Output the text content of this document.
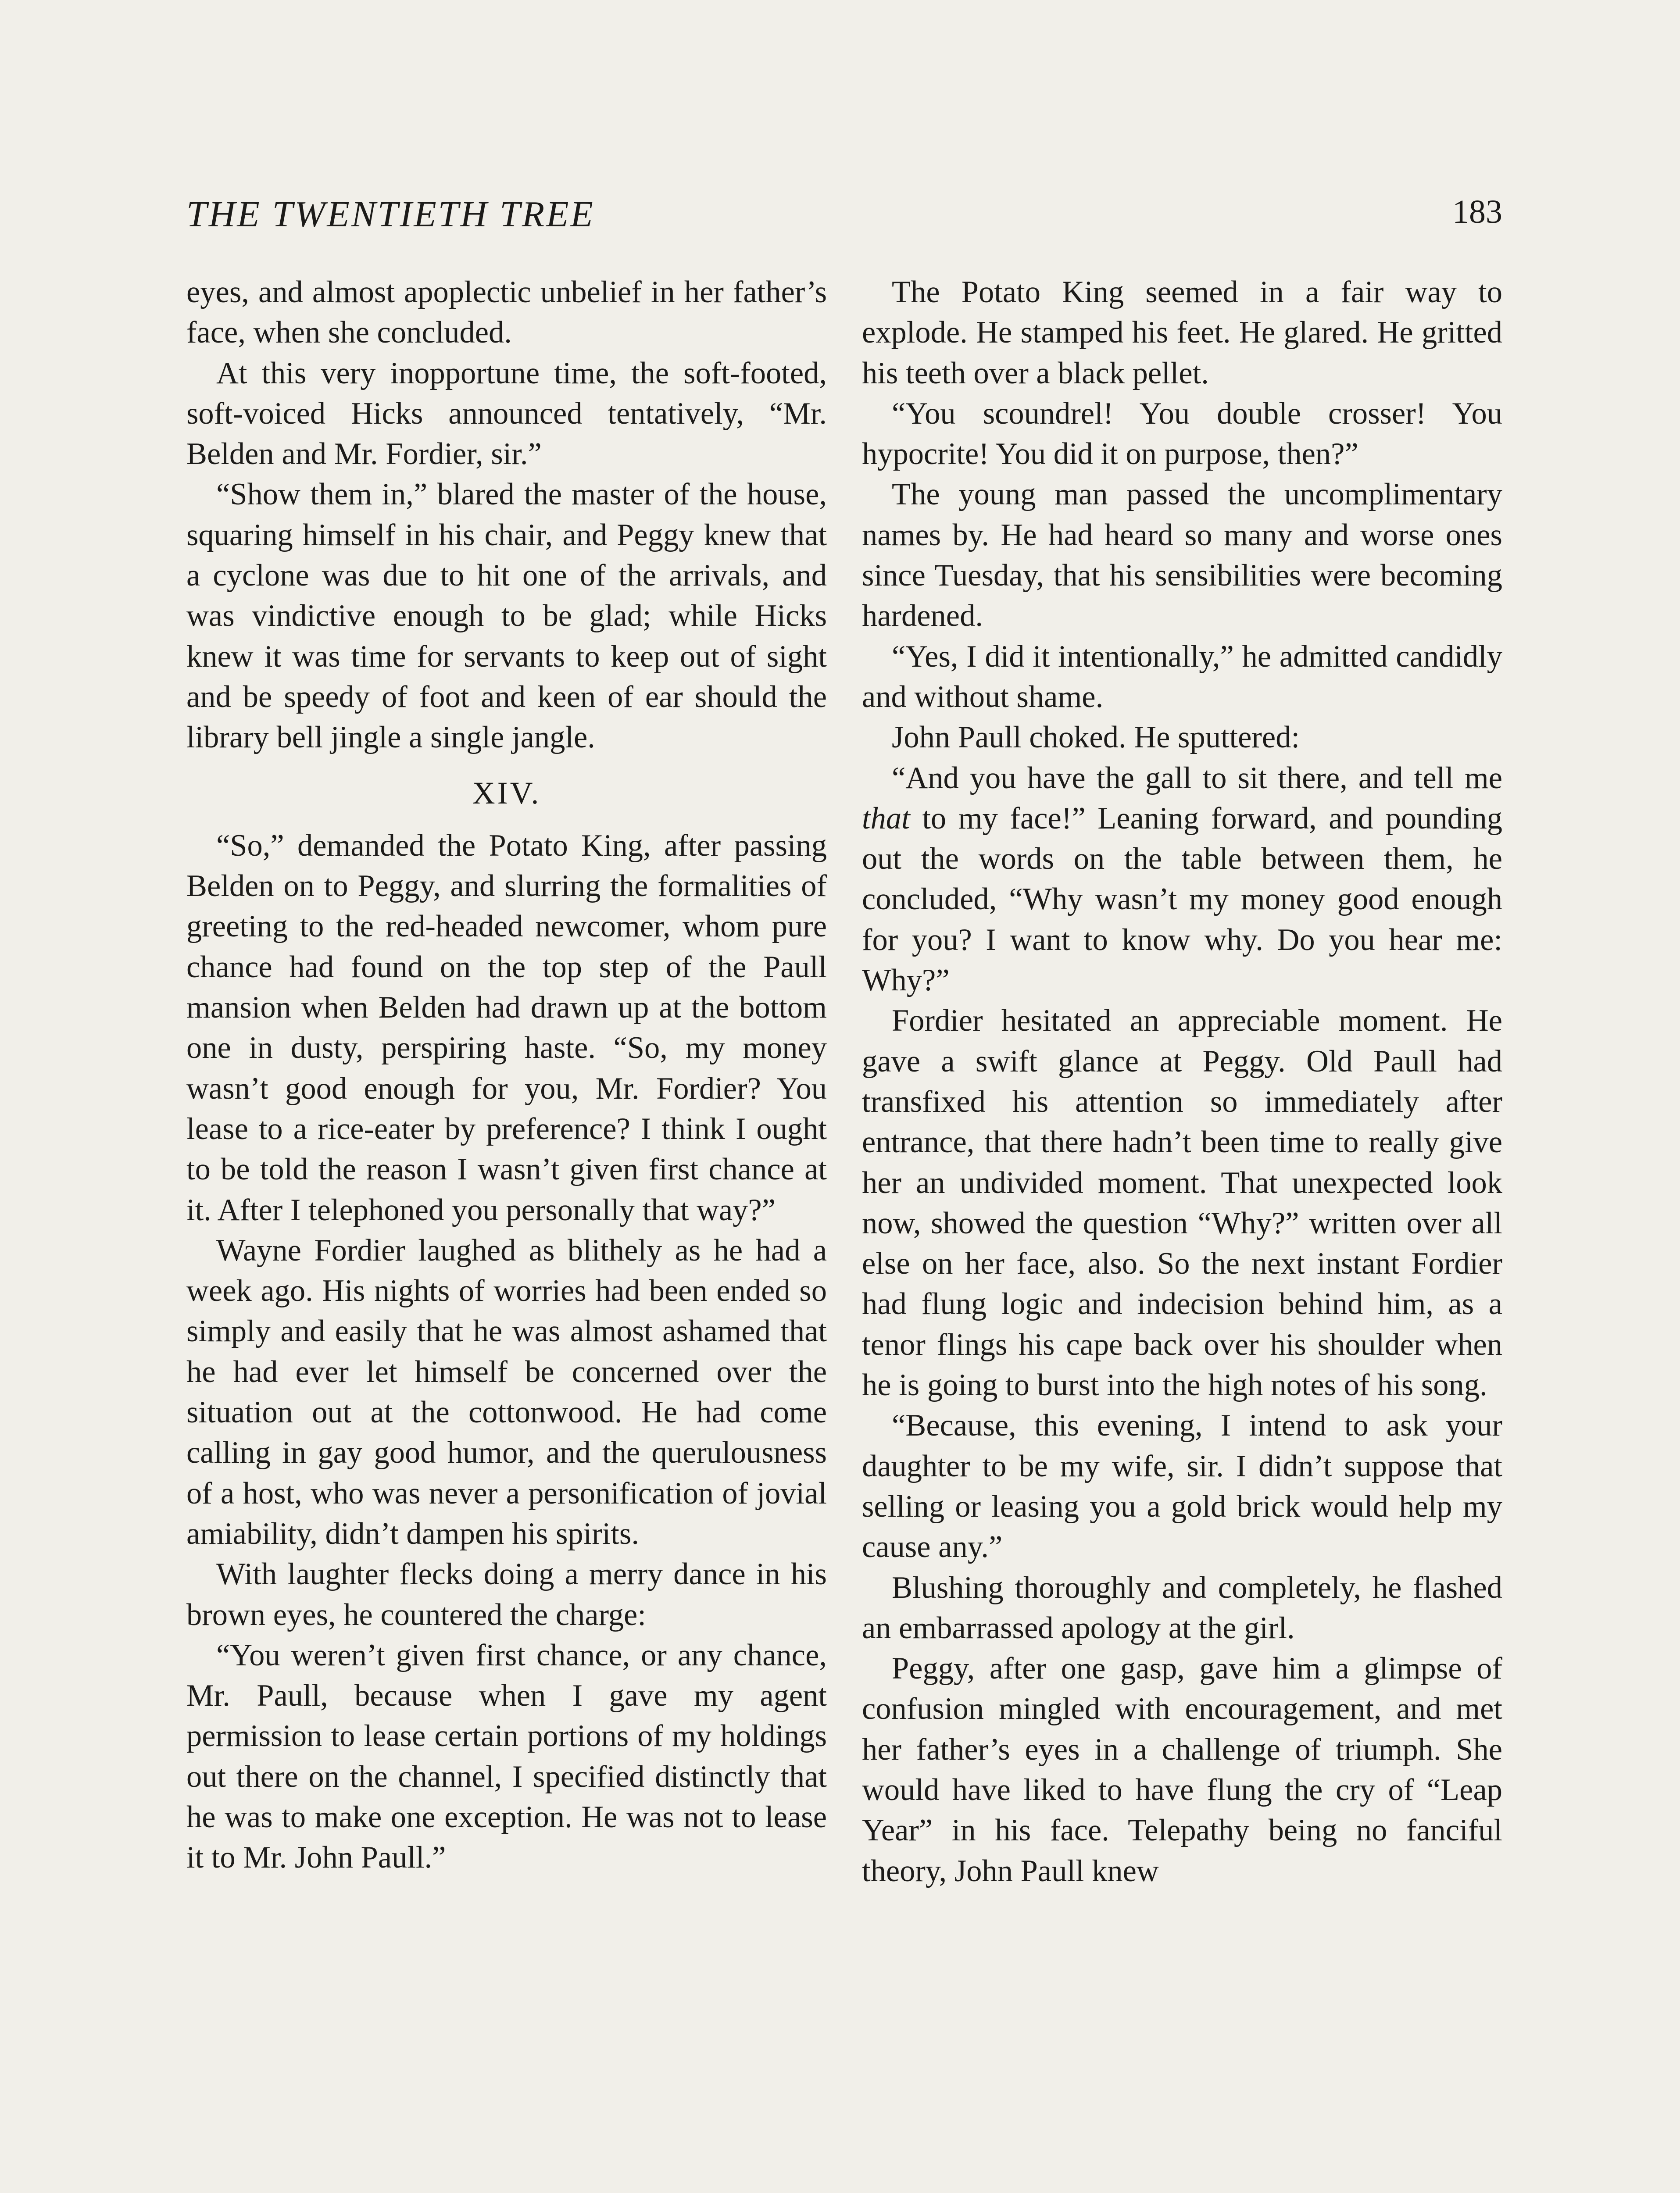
THE TWENTIETH TREE	183

eyes, and almost apoplectic unbelief in her father’s face, when she concluded.

At this very inopportune time, the soft-footed, soft-voiced Hicks announced tentatively, “Mr. Belden and Mr. Fordier, sir.”

“Show them in,” blared the master of the house, squaring himself in his chair, and Peggy knew that a cyclone was due to hit one of the arrivals, and was vindictive enough to be glad; while Hicks knew it was time for servants to keep out of sight and be speedy of foot and keen of ear should the library bell jingle a single jangle.

XIV.

“So,” demanded the Potato King, after passing Belden on to Peggy, and slurring the formalities of greeting to the red-headed newcomer, whom pure chance had found on the top step of the Paull mansion when Belden had drawn up at the bottom one in dusty, perspiring haste. “So, my money wasn’t good enough for you, Mr. Fordier? You lease to a rice-eater by preference? I think I ought to be told the reason I wasn’t given first chance at it. After I telephoned you personally that way?”

Wayne Fordier laughed as blithely as he had a week ago. His nights of worries had been ended so simply and easily that he was almost ashamed that he had ever let himself be concerned over the situation out at the cottonwood. He had come calling in gay good humor, and the querulousness of a host, who was never a personification of jovial amiability, didn’t dampen his spirits.

With laughter flecks doing a merry dance in his brown eyes, he countered the charge:

“You weren’t given first chance, or any chance, Mr. Paull, because when I gave my agent permission to lease certain portions of my holdings out there on the channel, I specified distinctly that he was to make one exception. He was not to lease it to Mr. John Paull.”

The Potato King seemed in a fair way to explode. He stamped his feet. He glared. He gritted his teeth over a black pellet.

“You scoundrel! You double crosser! You hypocrite! You did it on purpose, then?”

The young man passed the uncomplimentary names by. He had heard so many and worse ones since Tuesday, that his sensibilities were becoming hardened.

“Yes, I did it intentionally,” he admitted candidly and without shame.

John Paull choked. He sputtered:

“And you have the gall to sit there, and tell me that to my face!” Leaning forward, and pounding out the words on the table between them, he concluded, “Why wasn’t my money good enough for you? I want to know why. Do you hear me: Why?”

Fordier hesitated an appreciable moment. He gave a swift glance at Peggy. Old Paull had transfixed his attention so immediately after entrance, that there hadn’t been time to really give her an undivided moment. That unexpected look now, showed the question “Why?” written over all else on her face, also. So the next instant Fordier had flung logic and indecision behind him, as a tenor flings his cape back over his shoulder when he is going to burst into the high notes of his song.

“Because, this evening, I intend to ask your daughter to be my wife, sir. I didn’t suppose that selling or leasing you a gold brick would help my cause any.”

Blushing thoroughly and completely, he flashed an embarrassed apology at the girl.

Peggy, after one gasp, gave him a glimpse of confusion mingled with encouragement, and met her father’s eyes in a challenge of triumph. She would have liked to have flung the cry of “Leap Year” in his face. Telepathy being no fanciful theory, John Paull knew
